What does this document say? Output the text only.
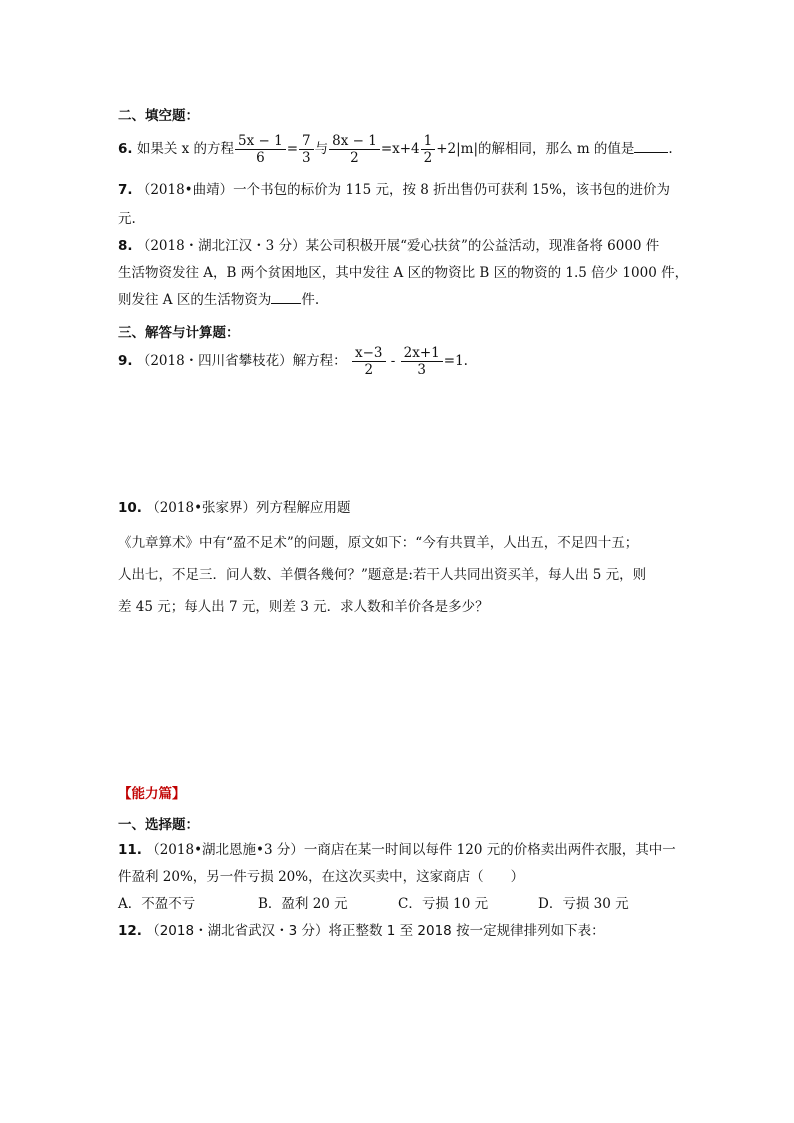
二、填空题：
6. 如果关 x 的方程 $\frac{5x - 1}{6} = \frac{7}{3}$ 与 $\frac{8x - 1}{2} =x+4 \frac{1}{2} +2|m|$的解相同，那么 m 的值是	.
7. （2018•曲靖）一个书包的标价为 115 元，按 8 折出售仍可获利 15%，该书包的进价为
元.
8. （2018・湖北江汉・3 分）某公司积极开展“爱心扶贫”的公益活动，现准备将 6000 件
生活物资发往 A，B 两个贫困地区，其中发往 A 区的物资比 B 区的物资的 1.5 倍少 1000 件，
则发往 A 区的生活物资为 件.
三、解答与计算题：
9. （2018・四川省攀枝花）解方程： $\frac{x-3}{2} - \frac{2x+1}{3} =1$.
10. （2018•张家界）列方程解应用题
《九章算术》中有“盈不足术”的问题，原文如下：“今有共買羊，人出五，不足四十五；
人出七，不足三．问人数、羊價各幾何？”题意是:若干人共同出资买羊，每人出 5 元，则
差 45 元；每人出 7 元，则差 3 元．求人数和羊价各是多少？
【能力篇】
一、选择题：
11. （2018•湖北恩施•3 分）一商店在某一时间以每件 120 元的价格卖出两件衣服，其中一
件盈利 20%，另一件亏损 20%，在这次买卖中，这家商店（　　）
A．不盈不亏	B．盈利 20 元	C．亏损 10 元	D．亏损 30 元
12. （2018・湖北省武汉・3 分）将正整数 1 至 2018 按一定规律排列如下表：
